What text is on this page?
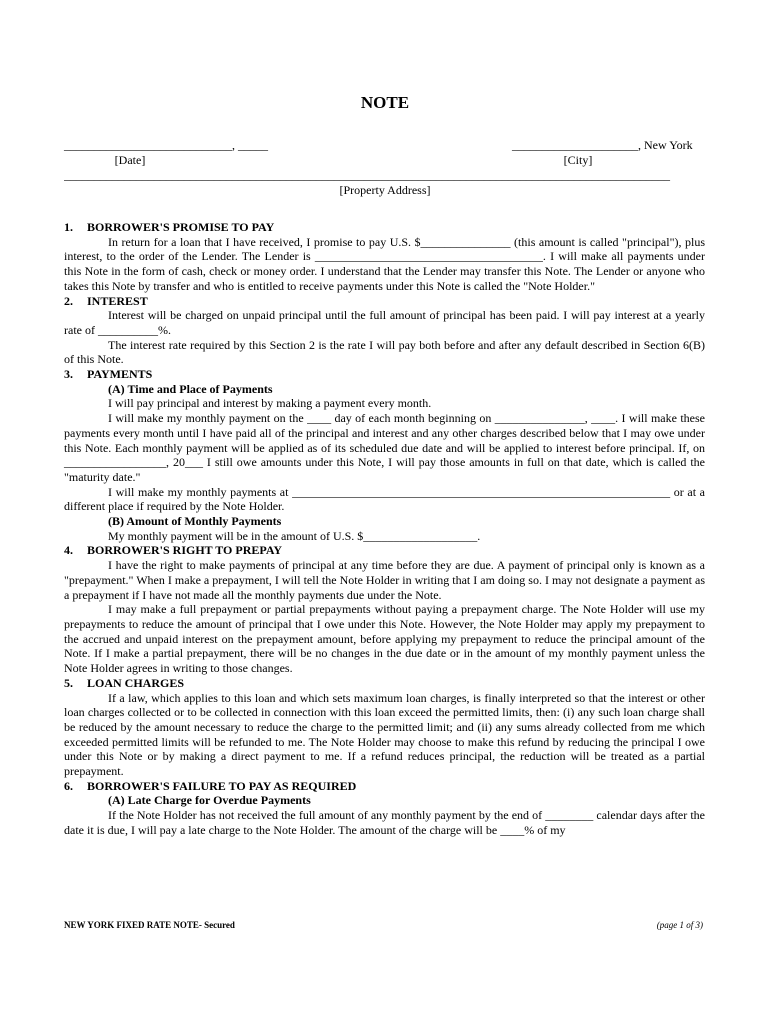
NOTE
____________________________, _____	_____________________, New York
[Date]	[City]
_____________________________________________________________________________________________________
[Property Address]

1. BORROWER'S PROMISE TO PAY

In return for a loan that I have received, I promise to pay U.S. $_______________ (this amount is called "principal"), plus interest, to the order of the Lender. The Lender is ______________________________________. I will make all payments under this Note in the form of cash, check or money order. I understand that the Lender may transfer this Note. The Lender or anyone who takes this Note by transfer and who is entitled to receive payments under this Note is called the "Note Holder."

2. INTEREST

Interest will be charged on unpaid principal until the full amount of principal has been paid. I will pay interest at a yearly rate of __________%.

The interest rate required by this Section 2 is the rate I will pay both before and after any default described in Section 6(B) of this Note.

3. PAYMENTS

(A) Time and Place of Payments

I will pay principal and interest by making a payment every month.

I will make my monthly payment on the ____ day of each month beginning on _______________, ____. I will make these payments every month until I have paid all of the principal and interest and any other charges described below that I may owe under this Note. Each monthly payment will be applied as of its scheduled due date and will be applied to interest before principal. If, on _________________, 20___ I still owe amounts under this Note, I will pay those amounts in full on that date, which is called the "maturity date."

I will make my monthly payments at _______________________________________________________________ or at a different place if required by the Note Holder.

(B) Amount of Monthly Payments

My monthly payment will be in the amount of U.S. $___________________.

4. BORROWER'S RIGHT TO PREPAY

I have the right to make payments of principal at any time before they are due. A payment of principal only is known as a "prepayment." When I make a prepayment, I will tell the Note Holder in writing that I am doing so. I may not designate a payment as a prepayment if I have not made all the monthly payments due under the Note.

I may make a full prepayment or partial prepayments without paying a prepayment charge. The Note Holder will use my prepayments to reduce the amount of principal that I owe under this Note. However, the Note Holder may apply my prepayment to the accrued and unpaid interest on the prepayment amount, before applying my prepayment to reduce the principal amount of the Note. If I make a partial prepayment, there will be no changes in the due date or in the amount of my monthly payment unless the Note Holder agrees in writing to those changes.

5. LOAN CHARGES

If a law, which applies to this loan and which sets maximum loan charges, is finally interpreted so that the interest or other loan charges collected or to be collected in connection with this loan exceed the permitted limits, then: (i) any such loan charge shall be reduced by the amount necessary to reduce the charge to the permitted limit; and (ii) any sums already collected from me which exceeded permitted limits will be refunded to me. The Note Holder may choose to make this refund by reducing the principal I owe under this Note or by making a direct payment to me. If a refund reduces principal, the reduction will be treated as a partial prepayment.

6. BORROWER'S FAILURE TO PAY AS REQUIRED

(A) Late Charge for Overdue Payments

If the Note Holder has not received the full amount of any monthly payment by the end of ________ calendar days after the date it is due, I will pay a late charge to the Note Holder. The amount of the charge will be ____% of my

NEW YORK FIXED RATE NOTE- Secured	(page 1 of 3)
